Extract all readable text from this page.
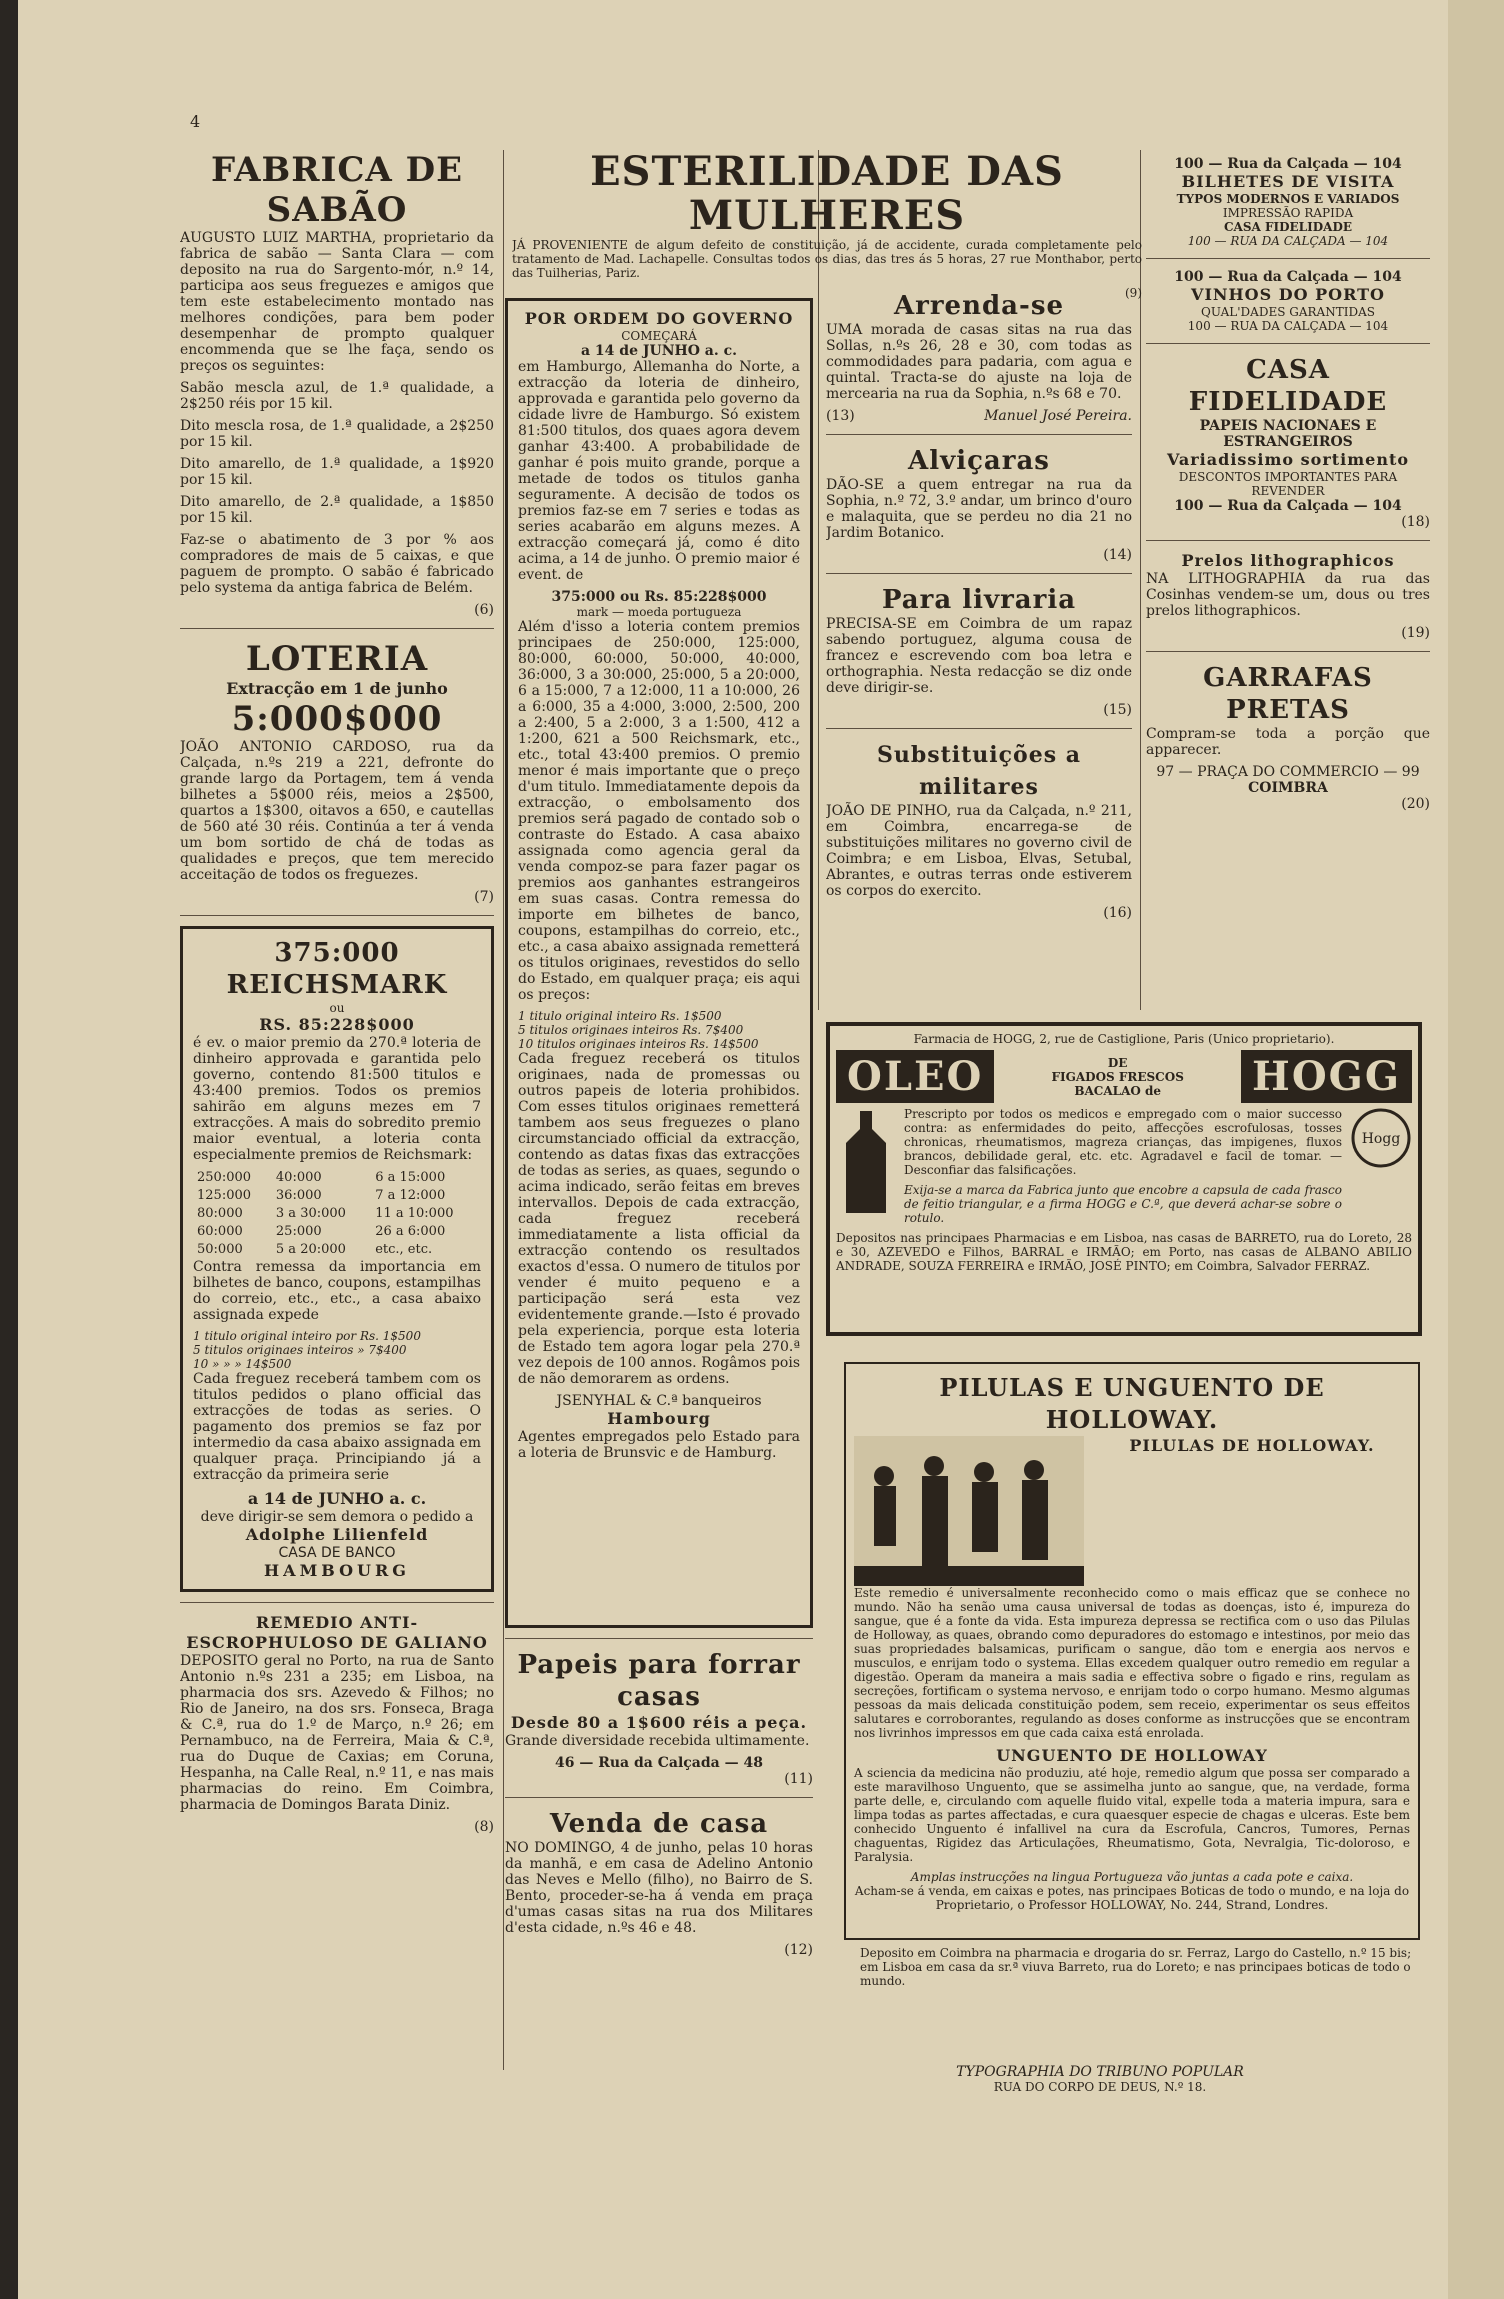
4
FABRICA DE SABÃO

AUGUSTO LUIZ MARTHA, proprietario da fabrica de sabão — Santa Clara — com deposito na rua do Sargento-mór, n.º 14, participa aos seus freguezes e amigos que tem este estabelecimento montado nas melhores condições, para bem poder desempenhar de prompto qualquer encommenda que se lhe faça, sendo os preços os seguintes:

Sabão mescla azul, de 1.ª qualidade, a 2$250 réis por 15 kil.

Dito mescla rosa, de 1.ª qualidade, a 2$250 por 15 kil.

Dito amarello, de 1.ª qualidade, a 1$920 por 15 kil.

Dito amarello, de 2.ª qualidade, a 1$850 por 15 kil.

Faz-se o abatimento de 3 por % aos compradores de mais de 5 caixas, e que paguem de prompto. O sabão é fabricado pelo systema da antiga fabrica de Belém.

(6)
LOTERIA
Extracção em 1 de junho
5:000$000

JOÃO ANTONIO CARDOSO, rua da Calçada, n.ºs 219 a 221, defronte do grande largo da Portagem, tem á venda bilhetes a 5$000 réis, meios a 2$500, quartos a 1$300, oitavos a 650, e cautellas de 560 até 30 réis. Continúa a ter á venda um bom sortido de chá de todas as qualidades e preços, que tem merecido acceitação de todos os freguezes.

(7)
375:000 REICHSMARK
ou
RS. 85:228$000

é ev. o maior premio da 270.ª loteria de dinheiro approvada e garantida pelo governo, contendo 81:500 titulos e 43:400 premios. Todos os premios sahirão em alguns mezes em 7 extracções. A mais do sobredito premio maior eventual, a loteria conta especialmente premios de Reichsmark:

250:000	40:000	6 a 15:000
125:000	36:000	7 a 12:000
80:000	3 a 30:000	11 a 10:000
60:000	25:000	26 a 6:000
50:000	5 a 20:000	etc., etc.

Contra remessa da importancia em bilhetes de banco, coupons, estampilhas do correio, etc., etc., a casa abaixo assignada expede

1 titulo original inteiro por Rs. 1$500
5 titulos originaes inteiros » 7$400
10 » » » 14$500

Cada freguez receberá tambem com os titulos pedidos o plano official das extracções de todas as series. O pagamento dos premios se faz por intermedio da casa abaixo assignada em qualquer praça. Principiando já a extracção da primeira serie

a 14 de JUNHO a. c.
deve dirigir-se sem demora o pedido a
Adolphe Lilienfeld
CASA DE BANCO
HAMBOURG
REMEDIO ANTI-ESCROPHULOSO DE GALIANO

DEPOSITO geral no Porto, na rua de Santo Antonio n.ºs 231 a 235; em Lisboa, na pharmacia dos srs. Azevedo & Filhos; no Rio de Janeiro, na dos srs. Fonseca, Braga & C.ª, rua do 1.º de Março, n.º 26; em Pernambuco, na de Ferreira, Maia & C.ª, rua do Duque de Caxias; em Coruna, Hespanha, na Calle Real, n.º 11, e nas mais pharmacias do reino. Em Coimbra, pharmacia de Domingos Barata Diniz.

(8)
ESTERILIDADE DAS MULHERES

JÁ PROVENIENTE de algum defeito de constituição, já de accidente, curada completamente pelo tratamento de Mad. Lachapelle. Consultas todos os dias, das tres ás 5 horas, 27 rue Monthabor, perto das Tuilherias, Pariz.

(9)
POR ORDEM DO GOVERNO
COMEÇARÁ
a 14 de JUNHO a. c.

em Hamburgo, Allemanha do Norte, a extracção da loteria de dinheiro, approvada e garantida pelo governo da cidade livre de Hamburgo. Só existem 81:500 titulos, dos quaes agora devem ganhar 43:400. A probabilidade de ganhar é pois muito grande, porque a metade de todos os titulos ganha seguramente. A decisão de todos os premios faz-se em 7 series e todas as series acabarão em alguns mezes. A extracção começará já, como é dito acima, a 14 de junho. O premio maior é event. de

375:000 ou Rs. 85:228$000
mark — moeda portugueza

Além d'isso a loteria contem premios principaes de 250:000, 125:000, 80:000, 60:000, 50:000, 40:000, 36:000, 3 a 30:000, 25:000, 5 a 20:000, 6 a 15:000, 7 a 12:000, 11 a 10:000, 26 a 6:000, 35 a 4:000, 3:000, 2:500, 200 a 2:400, 5 a 2:000, 3 a 1:500, 412 a 1:200, 621 a 500 Reichsmark, etc., etc., total 43:400 premios. O premio menor é mais importante que o preço d'um titulo. Immediatamente depois da extracção, o embolsamento dos premios será pagado de contado sob o contraste do Estado. A casa abaixo assignada como agencia geral da venda compoz-se para fazer pagar os premios aos ganhantes estrangeiros em suas casas. Contra remessa do importe em bilhetes de banco, coupons, estampilhas do correio, etc., etc., a casa abaixo assignada remetterá os titulos originaes, revestidos do sello do Estado, em qualquer praça; eis aqui os preços:

1 titulo original inteiro Rs. 1$500
5 titulos originaes inteiros Rs. 7$400
10 titulos originaes inteiros Rs. 14$500

Cada freguez receberá os titulos originaes, nada de promessas ou outros papeis de loteria prohibidos. Com esses titulos originaes remetterá tambem aos seus freguezes o plano circumstanciado official da extracção, contendo as datas fixas das extracções de todas as series, as quaes, segundo o acima indicado, serão feitas em breves intervallos. Depois de cada extracção, cada freguez receberá immediatamente a lista official da extracção contendo os resultados exactos d'essa. O numero de titulos por vender é muito pequeno e a participação será esta vez evidentemente grande.—Isto é provado pela experiencia, porque esta loteria de Estado tem agora logar pela 270.ª vez depois de 100 annos. Rogâmos pois de não demorarem as ordens.

JSENYHAL & C.ª banqueiros
Hambourg

Agentes empregados pelo Estado para a loteria de Brunsvic e de Hamburg.

Papeis para forrar casas
Desde 80 a 1$600 réis a peça.

Grande diversidade recebida ultimamente.

46 — Rua da Calçada — 48
(11)
Venda de casa

NO DOMINGO, 4 de junho, pelas 10 horas da manhã, e em casa de Adelino Antonio das Neves e Mello (filho), no Bairro de S. Bento, proceder-se-ha á venda em praça d'umas casas sitas na rua dos Militares d'esta cidade, n.ºs 46 e 48.

(12)
Arrenda-se

UMA morada de casas sitas na rua das Sollas, n.ºs 26, 28 e 30, com todas as commodidades para padaria, com agua e quintal. Tracta-se do ajuste na loja de mercearia na rua da Sophia, n.ºs 68 e 70.

(13)	Manuel José Pereira.
Alviçaras

DÃO-SE a quem entregar na rua da Sophia, n.º 72, 3.º andar, um brinco d'ouro e malaquita, que se perdeu no dia 21 no Jardim Botanico.

(14)
Para livraria

PRECISA-SE em Coimbra de um rapaz sabendo portuguez, alguma cousa de francez e escrevendo com boa letra e orthographia. Nesta redacção se diz onde deve dirigir-se.

(15)
Substituições a militares

JOÃO DE PINHO, rua da Calçada, n.º 211, em Coimbra, encarrega-se de substituições militares no governo civil de Coimbra; e em Lisboa, Elvas, Setubal, Abrantes, e outras terras onde estiverem os corpos do exercito.

(16)
100 — Rua da Calçada — 104
BILHETES DE VISITA
TYPOS MODERNOS E VARIADOS
IMPRESSÃO RAPIDA
CASA FIDELIDADE
100 — RUA DA CALÇADA — 104
100 — Rua da Calçada — 104
VINHOS DO PORTO
QUAL'DADES GARANTIDAS
100 — RUA DA CALÇADA — 104
CASA FIDELIDADE
PAPEIS NACIONAES E ESTRANGEIROS
Variadissimo sortimento
DESCONTOS IMPORTANTES PARA REVENDER
100 — Rua da Calçada — 104
(18)
Prelos lithographicos

NA LITHOGRAPHIA da rua das Cosinhas vendem-se um, dous ou tres prelos lithographicos.

(19)
GARRAFAS PRETAS

Compram-se toda a porção que apparecer.

97 — PRAÇA DO COMMERCIO — 99
COIMBRA
(20)
Farmacia de HOGG, 2, rue de Castiglione, Paris (Unico proprietario).
OLEO	DE
FIGADOS FRESCOS
BACALAO de	HOGG

Prescripto por todos os medicos e empregado com o maior successo contra: as enfermidades do peito, affecções escrofulosas, tosses chronicas, rheumatismos, magreza crianças, das impigenes, fluxos brancos, debilidade geral, etc. etc. Agradavel e facil de tomar. — Desconfiar das falsificações.

Exija-se a marca da Fabrica junto que encobre a capsula de cada frasco de feitio triangular, e a firma HOGG e C.ª, que deverá achar-se sobre o rotulo.

Hogg

Depositos nas principaes Pharmacias e em Lisboa, nas casas de BARRETO, rua do Loreto, 28 e 30, AZEVEDO e Filhos, BARRAL e IRMÃO; em Porto, nas casas de ALBANO ABILIO ANDRADE, SOUZA FERREIRA e IRMÃO, JOSÉ PINTO; em Coimbra, Salvador FERRAZ.

PILULAS E UNGUENTO DE HOLLOWAY.
PILULAS DE HOLLOWAY.

Este remedio é universalmente reconhecido como o mais efficaz que se conhece no mundo. Não ha senão uma causa universal de todas as doenças, isto é, impureza do sangue, que é a fonte da vida. Esta impureza depressa se rectifica com o uso das Pilulas de Holloway, as quaes, obrando como depuradores do estomago e intestinos, por meio das suas propriedades balsamicas, purificam o sangue, dão tom e energia aos nervos e musculos, e enrijam todo o systema. Ellas excedem qualquer outro remedio em regular a digestão. Operam da maneira a mais sadia e effectiva sobre o figado e rins, regulam as secreções, fortificam o systema nervoso, e enrijam todo o corpo humano. Mesmo algumas pessoas da mais delicada constituição podem, sem receio, experimentar os seus effeitos salutares e corroborantes, regulando as doses conforme as instrucções que se encontram nos livrinhos impressos em que cada caixa está enrolada.

UNGUENTO DE HOLLOWAY

A sciencia da medicina não produziu, até hoje, remedio algum que possa ser comparado a este maravilhoso Unguento, que se assimelha junto ao sangue, que, na verdade, forma parte delle, e, circulando com aquelle fluido vital, expelle toda a materia impura, sara e limpa todas as partes affectadas, e cura quaesquer especie de chagas e ulceras. Este bem conhecido Unguento é infallivel na cura da Escrofula, Cancros, Tumores, Pernas chaguentas, Rigidez das Articulações, Rheumatismo, Gota, Nevralgia, Tic-doloroso, e Paralysia.

Amplas instrucções na lingua Portugueza vão juntas a cada pote e caixa.
Acham-se á venda, em caixas e potes, nas principaes Boticas de todo o mundo, e na loja do Proprietario, o Professor HOLLOWAY, No. 244, Strand, Londres.
Deposito em Coimbra na pharmacia e drogaria do sr. Ferraz, Largo do Castello, n.º 15 bis; em Lisboa em casa da sr.ª viuva Barreto, rua do Loreto; e nas principaes boticas de todo o mundo.
TYPOGRAPHIA DO TRIBUNO POPULAR
RUA DO CORPO DE DEUS, N.º 18.
